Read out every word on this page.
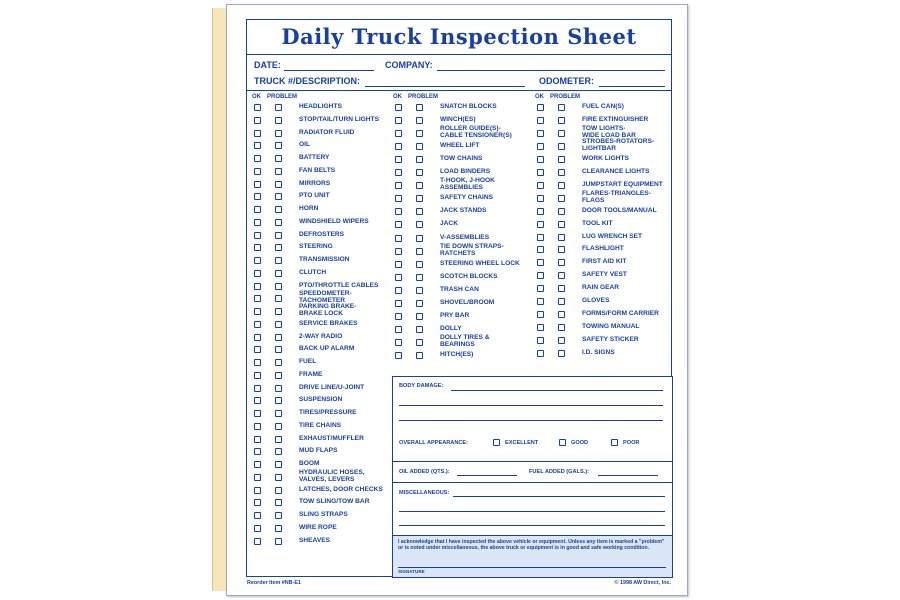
Daily Truck Inspection Sheet
DATE:	COMPANY:
TRUCK #/DESCRIPTION:	ODOMETER:
OK PROBLEM	OK PROBLEM	OK PROBLEM
HEADLIGHTS
STOP/TAIL/TURN LIGHTS
RADIATOR FLUID
OIL
BATTERY
FAN BELTS
MIRRORS
PTO UNIT
HORN
WINDSHIELD WIPERS
DEFROSTERS
STEERING
TRANSMISSION
CLUTCH
PTO/THROTTLE CABLES
SPEEDOMETER-
TACHOMETER
PARKING BRAKE-
BRAKE LOCK
SERVICE BRAKES
2-WAY RADIO
BACK UP ALARM
FUEL
FRAME
DRIVE LINE/U-JOINT
SUSPENSION
TIRES/PRESSURE
TIRE CHAINS
EXHAUST/MUFFLER
MUD FLAPS
BOOM
HYDRAULIC HOSES,
VALVES, LEVERS
LATCHES, DOOR CHECKS
TOW SLING/TOW BAR
SLING STRAPS
WIRE ROPE
SHEAVES
SNATCH BLOCKS
WINCH(ES)
ROLLER GUIDE(S)-
CABLE TENSIONER(S)
WHEEL LIFT
TOW CHAINS
LOAD BINDERS
T-HOOK, J-HOOK
ASSEMBLIES
SAFETY CHAINS
JACK STANDS
JACK
V-ASSEMBLIES
TIE DOWN STRAPS-
RATCHETS
STEERING WHEEL LOCK
SCOTCH BLOCKS
TRASH CAN
SHOVEL/BROOM
PRY BAR
DOLLY
DOLLY TIRES &
BEARINGS
HITCH(ES)
FUEL CAN(S)
FIRE EXTINGUISHER
TOW LIGHTS-
WIDE LOAD BAR
STROBES-ROTATORS-
LIGHTBAR
WORK LIGHTS
CLEARANCE LIGHTS
JUMPSTART EQUIPMENT
FLARES-TRIANGLES-
FLAGS
DOOR TOOLS/MANUAL
TOOL KIT
LUG WRENCH SET
FLASHLIGHT
FIRST AID KIT
SAFETY VEST
RAIN GEAR
GLOVES
FORMS/FORM CARRIER
TOWING MANUAL
SAFETY STICKER
I.D. SIGNS
BODY DAMAGE:
OVERALL APPEARANCE:	EXCELLENT	GOOD	POOR
OIL ADDED (QTS.):	FUEL ADDED (GALS.):
MISCELLANEOUS:
I acknowledge that I have inspected the above vehicle or equipment. Unless any item is marked a "problem" or is noted under miscellaneous, the above truck or equipment is in good and safe working condition.
SIGNATURE
Reorder Item #NB-E1	© 1998 AW Direct, Inc.
